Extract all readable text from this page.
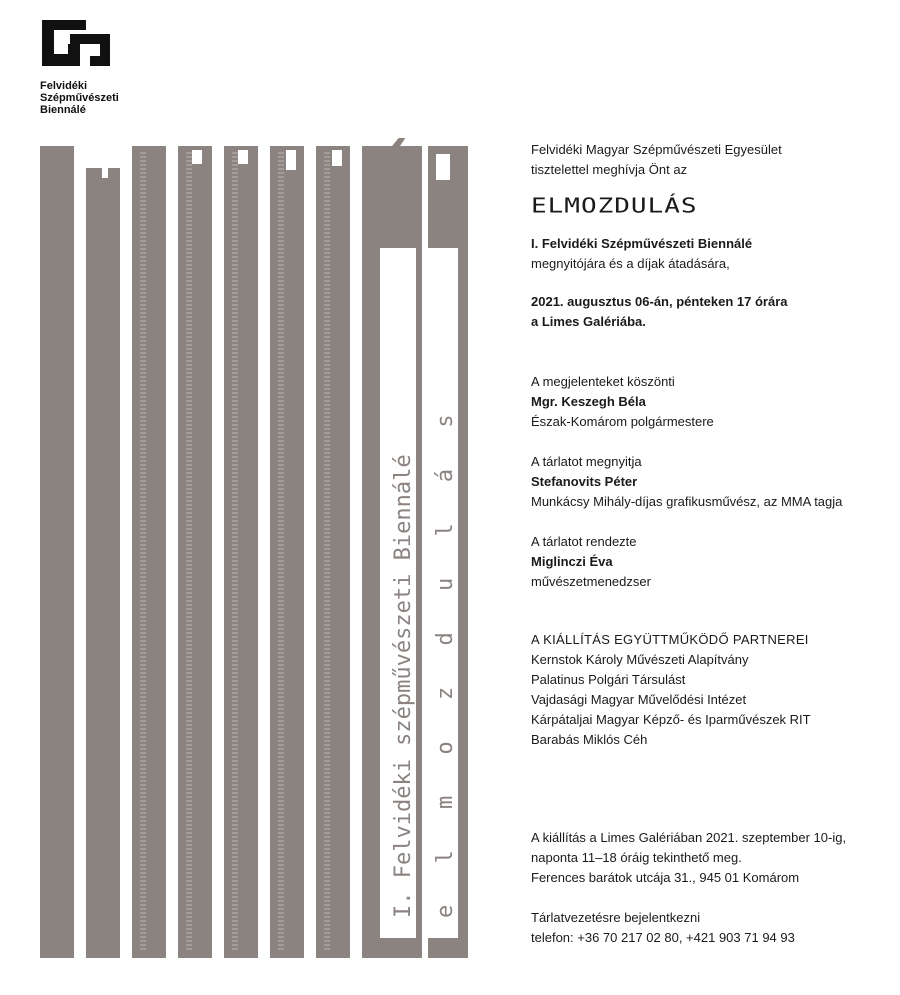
Felvidéki
Szépművészeti
Biennálé
I. Felvidéki szépművészeti Biennálé e l m o z d u l á s
Felvidéki Magyar Szépművészeti Egyesület
tisztelettel meghívja Önt az
ELMOZDULÁS
I. Felvidéki Szépművészeti Biennálé
megnyitójára és a díjak átadására,
2021. augusztus 06-án, pénteken 17 órára
a Limes Galériába.
A megjelenteket köszönti
Mgr. Keszegh Béla
Észak-Komárom polgármestere
A tárlatot megnyitja
Stefanovits Péter
Munkácsy Mihály-díjas grafikusművész, az MMA tagja
A tárlatot rendezte
Miglinczi Éva
művészetmenedzser
A KIÁLLÍTÁS EGYÜTTMŰKÖDŐ PARTNEREI
Kernstok Károly Művészeti Alapítvány
Palatinus Polgári Társulást
Vajdasági Magyar Művelődési Intézet
Kárpátaljai Magyar Képző- és Iparművészek RIT
Barabás Miklós Céh
A kiállítás a Limes Galériában 2021. szeptember 10-ig,
naponta 11–18 óráig tekinthető meg.
Ferences barátok utcája 31., 945 01 Komárom
Tárlatvezetésre bejelentkezni
telefon: +36 70 217 02 80, +421 903 71 94 93
